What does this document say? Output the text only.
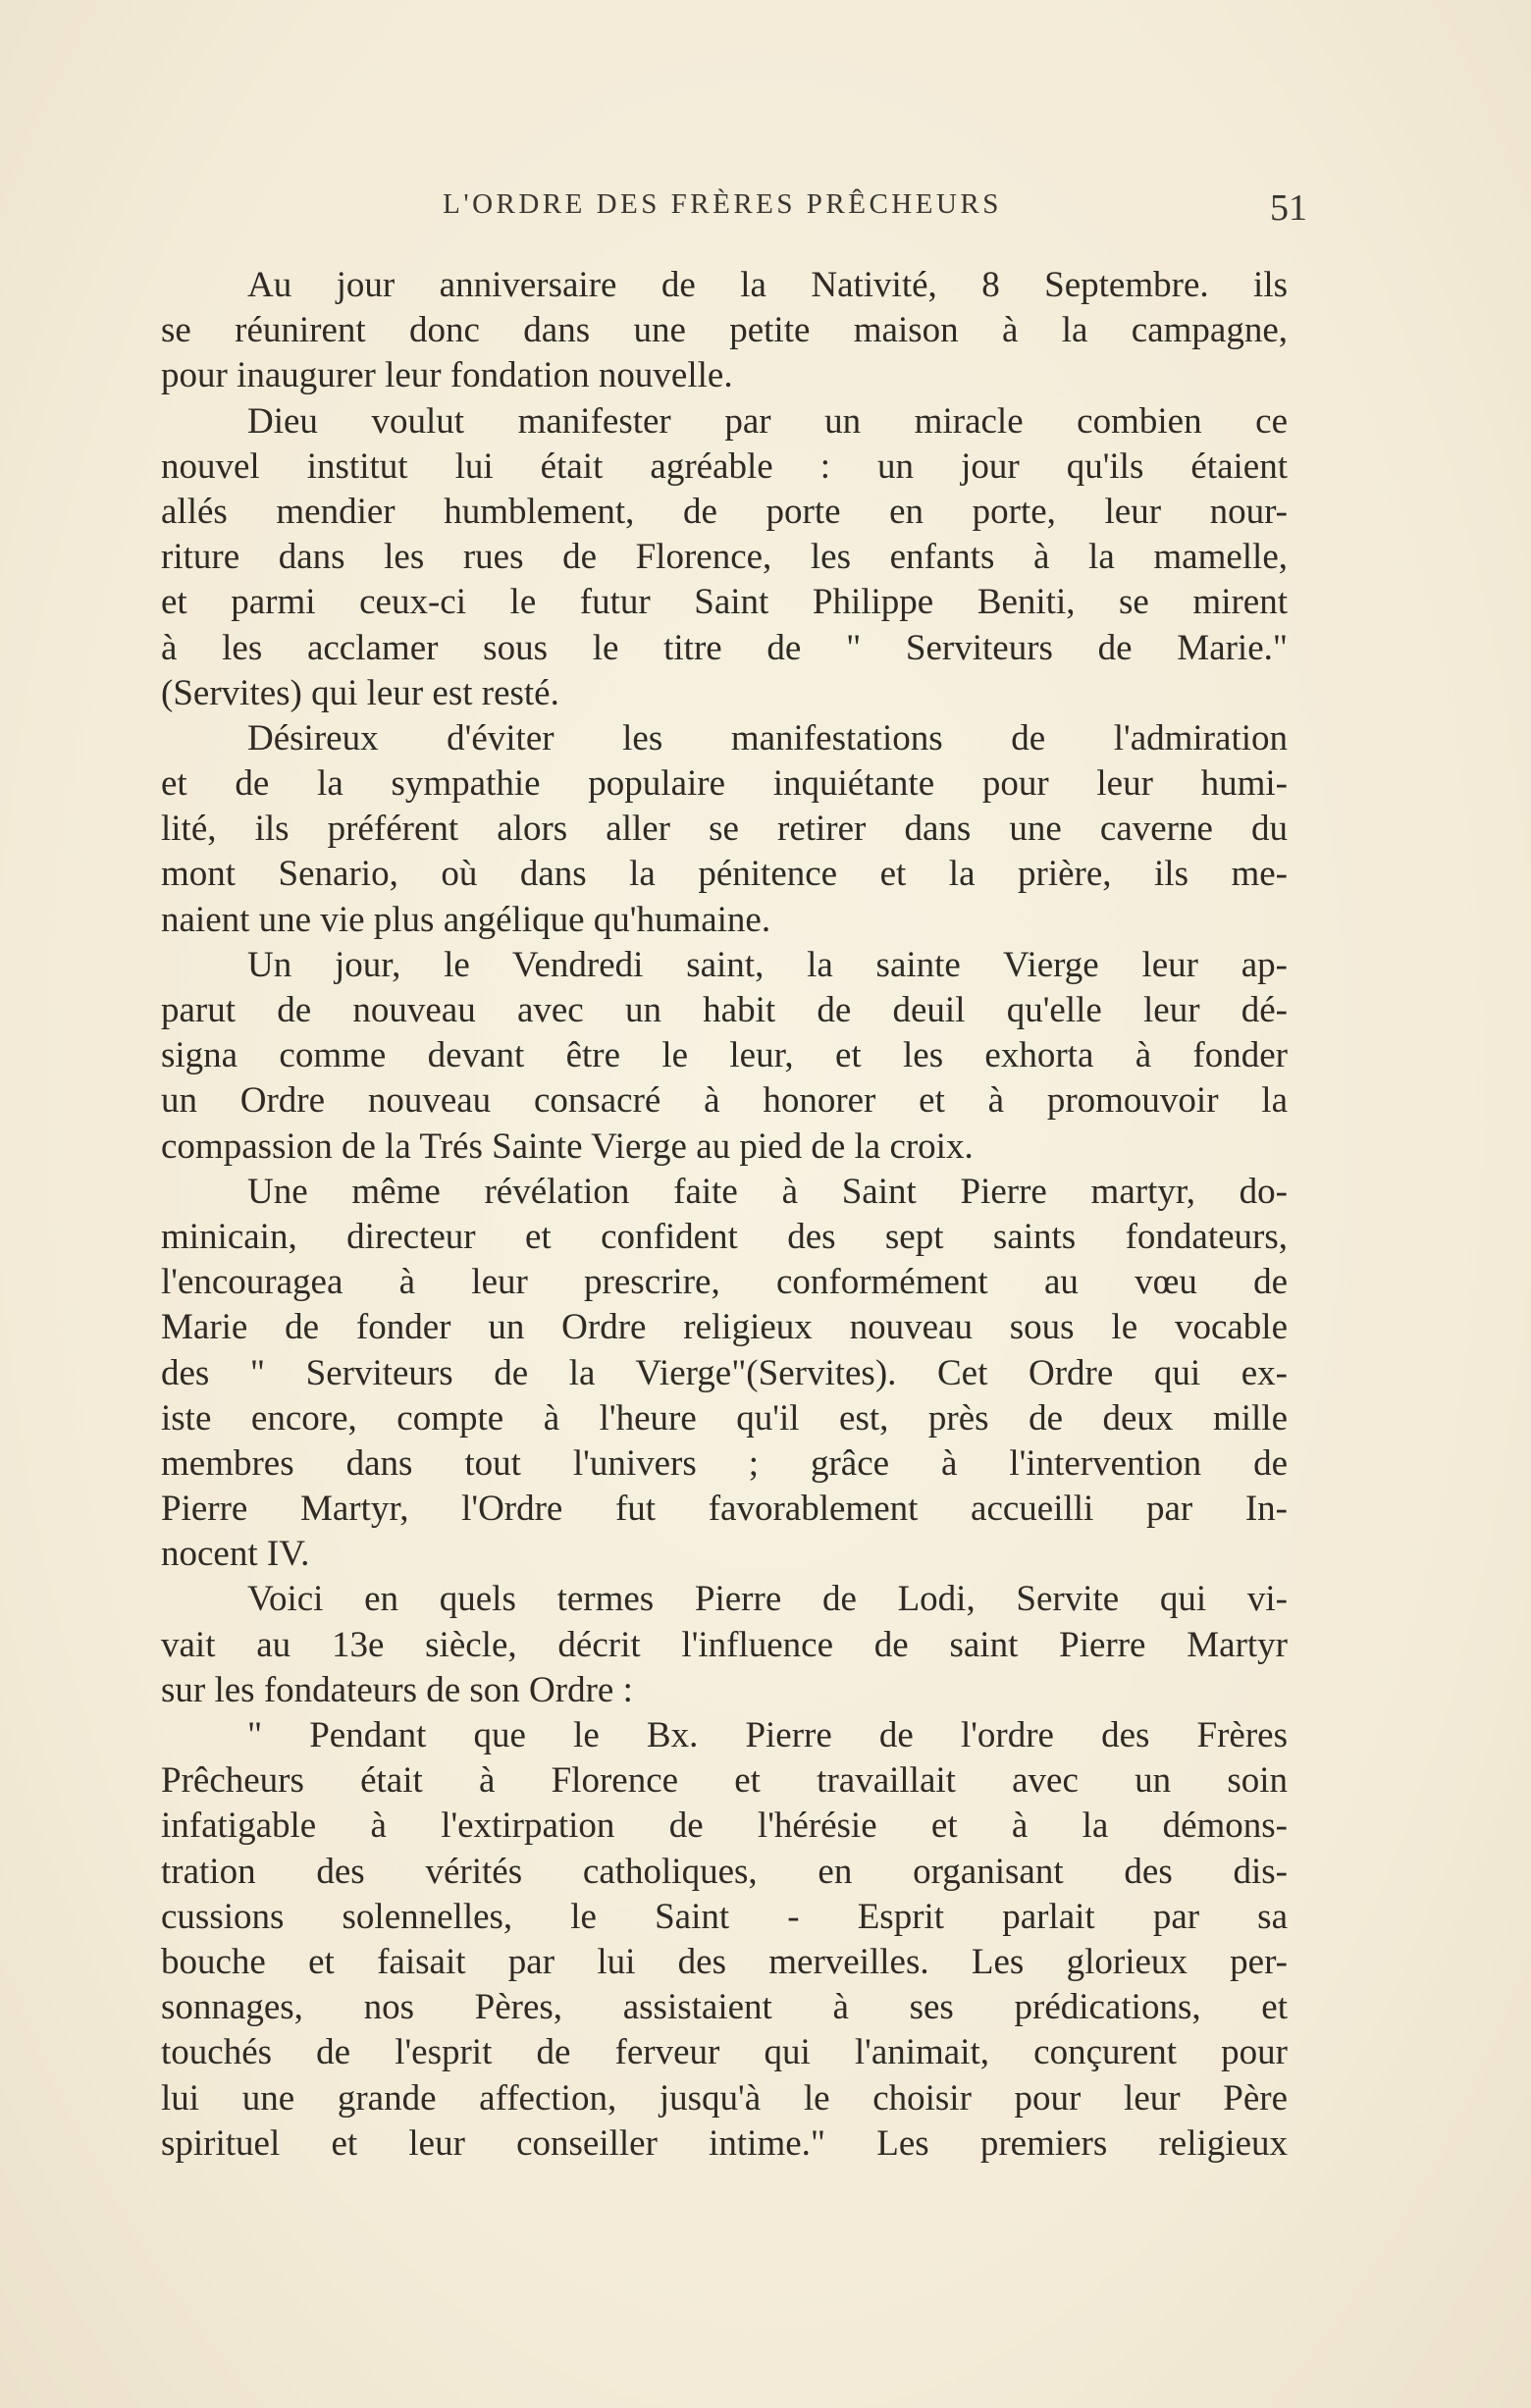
L'ORDRE DES FRÈRES PRÊCHEURS	51
Au jour anniversaire de la Nativité, 8 Septembre. ils
se réunirent donc dans une petite maison à la campagne,
pour inaugurer leur fondation nouvelle.
Dieu voulut manifester par un miracle combien ce
nouvel institut lui était agréable : un jour qu'ils étaient
allés mendier humblement, de porte en porte, leur nour-
riture dans les rues de Florence, les enfants à la mamelle,
et parmi ceux-ci le futur Saint Philippe Beniti, se mirent
à les acclamer sous le titre de " Serviteurs de Marie."
(Servites) qui leur est resté.
Désireux d'éviter les manifestations de l'admiration
et de la sympathie populaire inquiétante pour leur humi-
lité, ils préférent alors aller se retirer dans une caverne du
mont Senario, où dans la pénitence et la prière, ils me-
naient une vie plus angélique qu'humaine.
Un jour, le Vendredi saint, la sainte Vierge leur ap-
parut de nouveau avec un habit de deuil qu'elle leur dé-
signa comme devant être le leur, et les exhorta à fonder
un Ordre nouveau consacré à honorer et à promouvoir la
compassion de la Trés Sainte Vierge au pied de la croix.
Une même révélation faite à Saint Pierre martyr, do-
minicain, directeur et confident des sept saints fondateurs,
l'encouragea à leur prescrire, conformément au vœu de
Marie de fonder un Ordre religieux nouveau sous le vocable
des " Serviteurs de la Vierge"(Servites). Cet Ordre qui ex-
iste encore, compte à l'heure qu'il est, près de deux mille
membres dans tout l'univers ; grâce à l'intervention de
Pierre Martyr, l'Ordre fut favorablement accueilli par In-
nocent IV.
Voici en quels termes Pierre de Lodi, Servite qui vi-
vait au 13e siècle, décrit l'influence de saint Pierre Martyr
sur les fondateurs de son Ordre :
" Pendant que le Bx. Pierre de l'ordre des Frères
Prêcheurs était à Florence et travaillait avec un soin
infatigable à l'extirpation de l'hérésie et à la démons-
tration des vérités catholiques, en organisant des dis-
cussions solennelles, le Saint - Esprit parlait par sa
bouche et faisait par lui des merveilles. Les glorieux per-
sonnages, nos Pères, assistaient à ses prédications, et
touchés de l'esprit de ferveur qui l'animait, conçurent pour
lui une grande affection, jusqu'à le choisir pour leur Père
spirituel et leur conseiller intime." Les premiers religieux
